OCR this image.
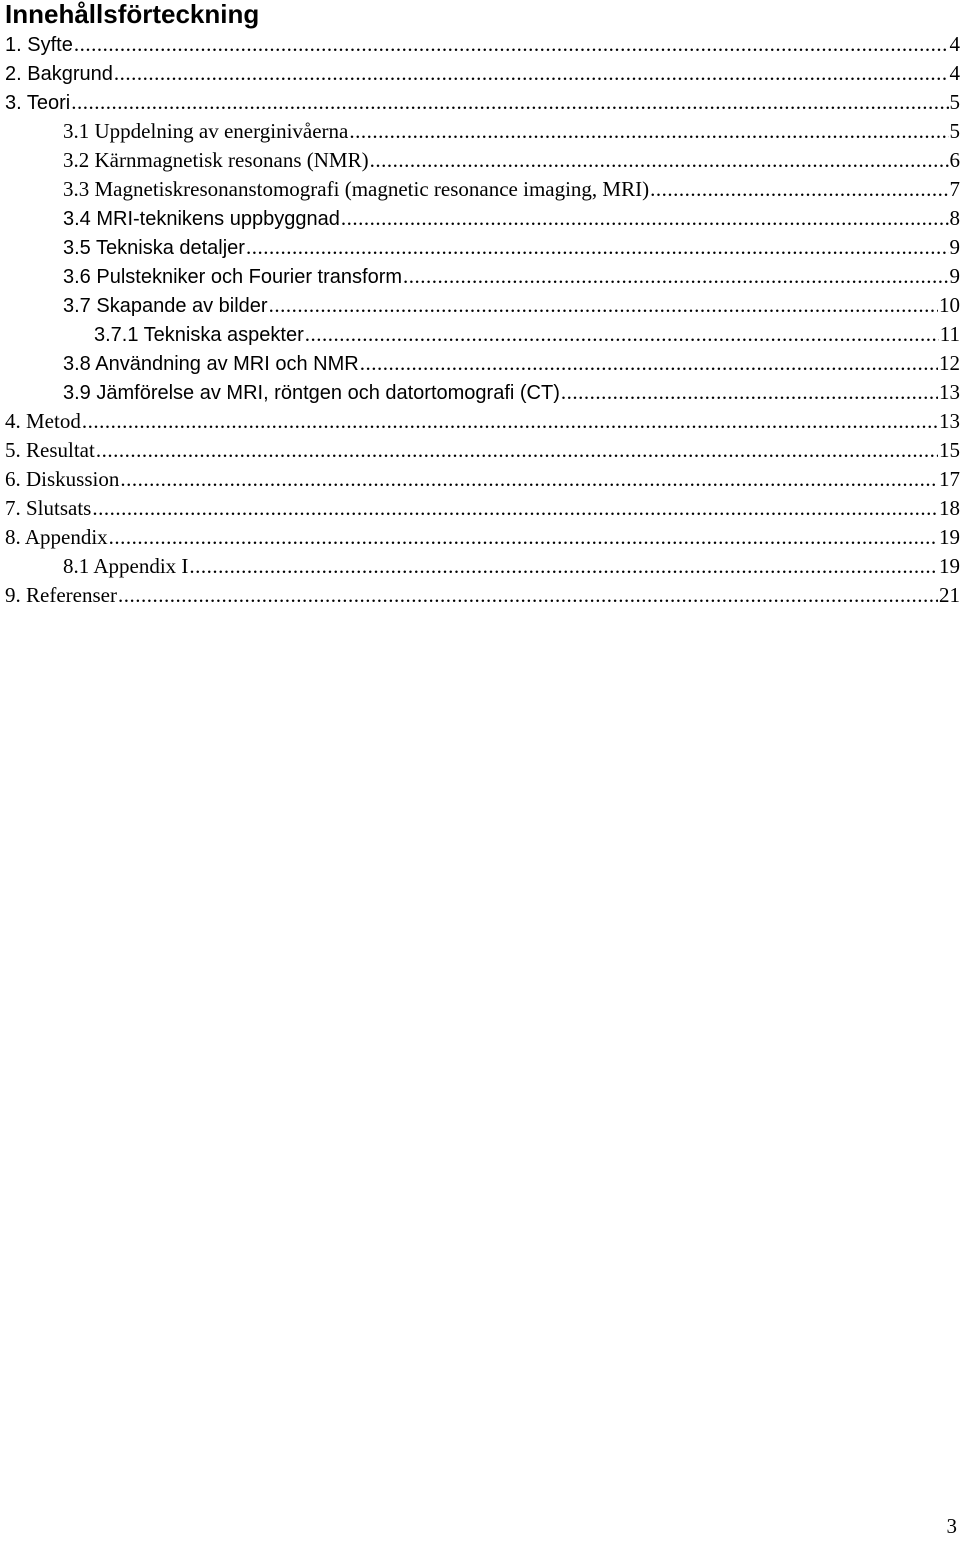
Innehållsförteckning
1. Syfte .....	4
2. Bakgrund .....	4
3. Teori .....	5
3.1 Uppdelning av energinivåerna .....	5
3.2 Kärnmagnetisk resonans (NMR) .....	6
3.3 Magnetiskresonanstomografi (magnetic resonance imaging, MRI) .....	7
3.4 MRI-teknikens uppbyggnad .....	8
3.5 Tekniska detaljer .....	9
3.6 Pulstekniker och Fourier transform .....	9
3.7 Skapande av bilder .....	10
3.7.1 Tekniska aspekter .....	11
3.8 Användning av MRI och NMR .....	12
3.9 Jämförelse av MRI, röntgen och datortomografi (CT) .....	13
4. Metod .....	13
5. Resultat .....	15
6. Diskussion .....	17
7. Slutsats .....	18
8. Appendix .....	19
8.1 Appendix I .....	19
9. Referenser .....	21
3
